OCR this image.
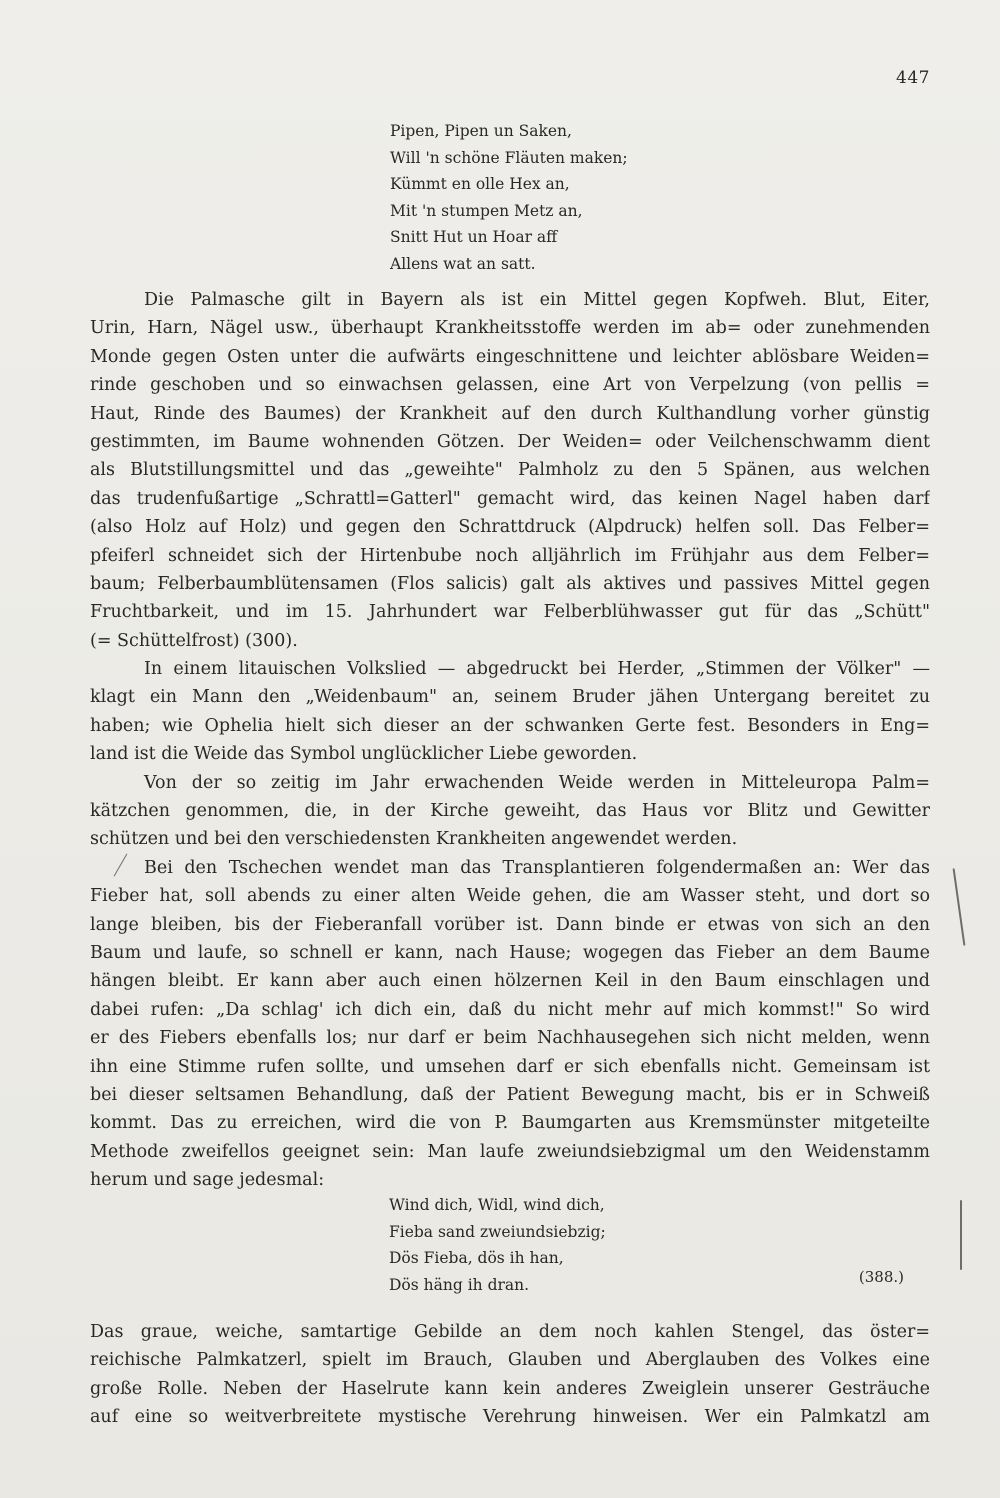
447
Pipen, Pipen un Saken,
Will 'n schöne Fläuten maken;
Kümmt en olle Hex an,
Mit 'n stumpen Metz an,
Snitt Hut un Hoar aff
Allens wat an satt.
Die Palmasche gilt in Bayern als ist ein Mittel gegen Kopfweh. Blut, Eiter,
Urin, Harn, Nägel usw., überhaupt Krankheitsstoffe werden im ab= oder zunehmenden
Monde gegen Osten unter die aufwärts eingeschnittene und leichter ablösbare Weiden=
rinde geschoben und so einwachsen gelassen, eine Art von Verpelzung (von pellis =
Haut, Rinde des Baumes) der Krankheit auf den durch Kulthandlung vorher günstig
gestimmten, im Baume wohnenden Götzen. Der Weiden= oder Veilchenschwamm dient
als Blutstillungsmittel und das „geweihte" Palmholz zu den 5 Spänen, aus welchen
das trudenfußartige „Schrattl=Gatterl" gemacht wird, das keinen Nagel haben darf
(also Holz auf Holz) und gegen den Schrattdruck (Alpdruck) helfen soll. Das Felber=
pfeiferl schneidet sich der Hirtenbube noch alljährlich im Frühjahr aus dem Felber=
baum; Felberbaumblütensamen (Flos salicis) galt als aktives und passives Mittel gegen
Fruchtbarkeit, und im 15. Jahrhundert war Felberblühwasser gut für das „Schütt"
(= Schüttelfrost) (300).
In einem litauischen Volkslied — abgedruckt bei Herder, „Stimmen der Völker" —
klagt ein Mann den „Weidenbaum" an, seinem Bruder jähen Untergang bereitet zu
haben; wie Ophelia hielt sich dieser an der schwanken Gerte fest. Besonders in Eng=
land ist die Weide das Symbol unglücklicher Liebe geworden.
Von der so zeitig im Jahr erwachenden Weide werden in Mitteleuropa Palm=
kätzchen genommen, die, in der Kirche geweiht, das Haus vor Blitz und Gewitter
schützen und bei den verschiedensten Krankheiten angewendet werden.
Bei den Tschechen wendet man das Transplantieren folgendermaßen an: Wer das
Fieber hat, soll abends zu einer alten Weide gehen, die am Wasser steht, und dort so
lange bleiben, bis der Fieberanfall vorüber ist. Dann binde er etwas von sich an den
Baum und laufe, so schnell er kann, nach Hause; wogegen das Fieber an dem Baume
hängen bleibt. Er kann aber auch einen hölzernen Keil in den Baum einschlagen und
dabei rufen: „Da schlag' ich dich ein, daß du nicht mehr auf mich kommst!" So wird
er des Fiebers ebenfalls los; nur darf er beim Nachhausegehen sich nicht melden, wenn
ihn eine Stimme rufen sollte, und umsehen darf er sich ebenfalls nicht. Gemeinsam ist
bei dieser seltsamen Behandlung, daß der Patient Bewegung macht, bis er in Schweiß
kommt. Das zu erreichen, wird die von P. Baumgarten aus Kremsmünster mitgeteilte
Methode zweifellos geeignet sein: Man laufe zweiundsiebzigmal um den Weidenstamm
herum und sage jedesmal:
Wind dich, Widl, wind dich,
Fieba sand zweiundsiebzig;
Dös Fieba, dös ih han,
Dös häng ih dran.	(388.)
Das graue, weiche, samtartige Gebilde an dem noch kahlen Stengel, das öster=
reichische Palmkatzerl, spielt im Brauch, Glauben und Aberglauben des Volkes eine
große Rolle. Neben der Haselrute kann kein anderes Zweiglein unserer Gesträuche
auf eine so weitverbreitete mystische Verehrung hinweisen. Wer ein Palmkatzl am
